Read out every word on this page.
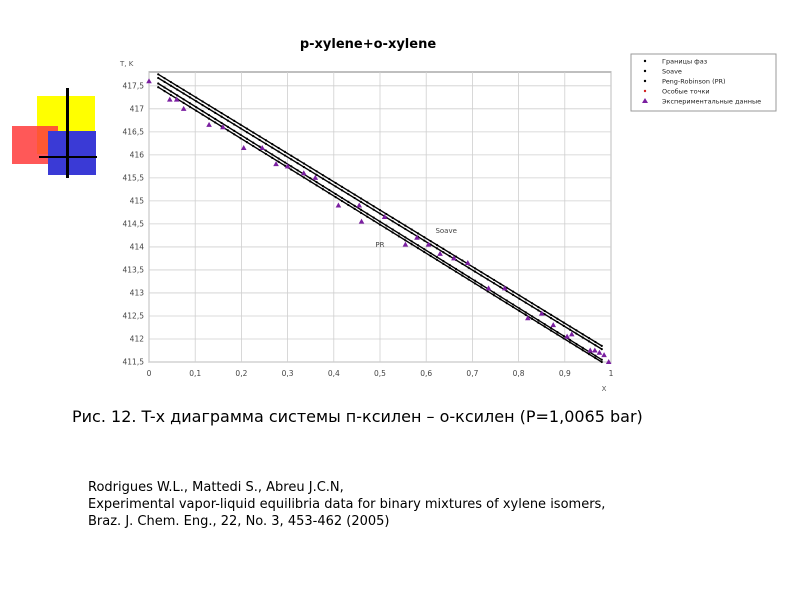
p-xylene+o-xylene
T, K
X
411,5
412
412,5
413
413,5
414
414,5
415
415,5
416
416,5
417
417,5
0	0,1	0,2	0,3	0,4	0,5	0,6	0,7	0,8	0,9	1
Soave
PR
Границы фаз
Soave
Peng-Robinson (PR)
Особые точки
Экспериментальные данные
Рис. 12. T-x диаграмма системы п-ксилен – о-ксилен (P=1,0065 bar)
Rodrigues W.L., Mattedi S., Abreu J.C.N,
Experimental vapor-liquid equilibria data for binary mixtures of xylene isomers,
Braz. J. Chem. Eng., 22, No. 3, 453-462 (2005)
